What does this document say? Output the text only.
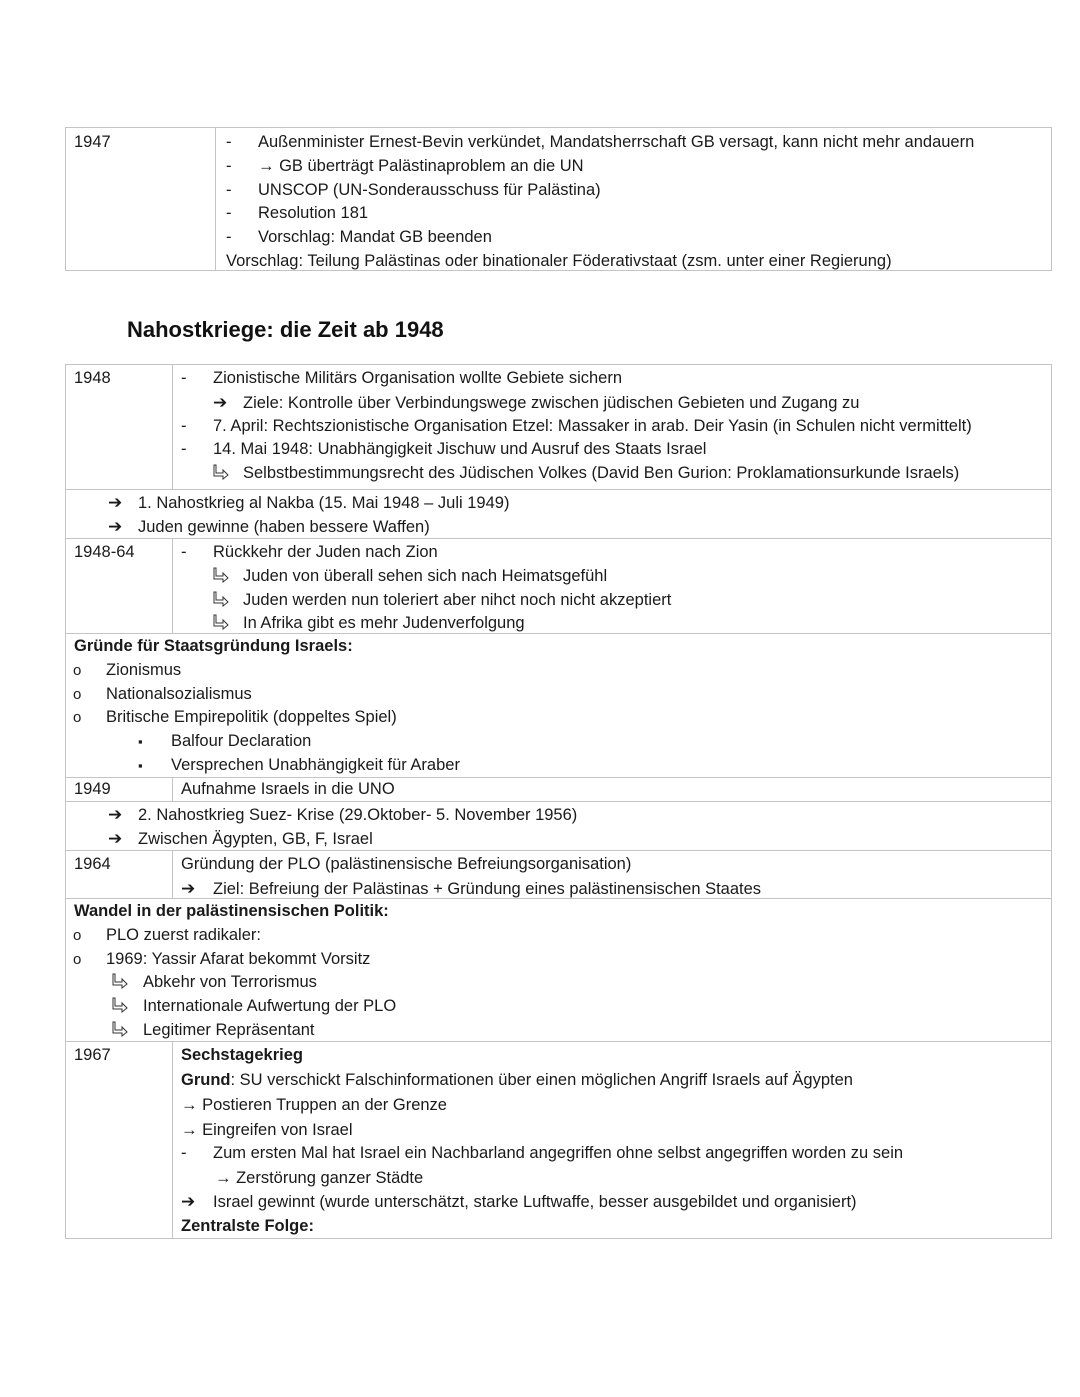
1947	- Außenminister Ernest-Bevin verkündet, Mandatsherrschaft GB versagt, kann nicht mehr andauern
- → GB überträgt Palästinaproblem an die UN
- UNSCOP (UN-Sonderausschuss für Palästina)
- Resolution 181
- Vorschlag: Mandat GB beenden
Vorschlag: Teilung Palästinas oder binationaler Föderativstaat (zsm. unter einer Regierung)
Nahostkriege: die Zeit ab 1948
1948	- Zionistische Militärs Organisation wollte Gebiete sichern
➔ Ziele: Kontrolle über Verbindungswege zwischen jüdischen Gebieten und Zugang zu
- 7. April: Rechtszionistische Organisation Etzel: Massaker in arab. Deir Yasin (in Schulen nicht vermittelt)
- 14. Mai 1948: Unabhängigkeit Jischuw und Ausruf des Staats Israel
Selbstbestimmungsrecht des Jüdischen Volkes (David Ben Gurion: Proklamationsurkunde Israels)
➔ 1. Nahostkrieg al Nakba (15. Mai 1948 – Juli 1949)
➔ Juden gewinne (haben bessere Waffen)
1948-64	- Rückkehr der Juden nach Zion
Juden von überall sehen sich nach Heimatsgefühl
Juden werden nun toleriert aber nihct noch nicht akzeptiert
In Afrika gibt es mehr Judenverfolgung
Gründe für Staatsgründung Israels:
o Zionismus
o Nationalsozialismus
o Britische Empirepolitik (doppeltes Spiel)
▪ Balfour Declaration
▪ Versprechen Unabhängigkeit für Araber
1949	Aufnahme Israels in die UNO
➔ 2. Nahostkrieg Suez- Krise (29.Oktober- 5. November 1956)
➔ Zwischen Ägypten, GB, F, Israel
1964	Gründung der PLO (palästinensische Befreiungsorganisation)
➔ Ziel: Befreiung der Palästinas + Gründung eines palästinensischen Staates
Wandel in der palästinensischen Politik:
o PLO zuerst radikaler:
o 1969: Yassir Afarat bekommt Vorsitz
Abkehr von Terrorismus
Internationale Aufwertung der PLO
Legitimer Repräsentant
1967	Sechstagekrieg
Grund: SU verschickt Falschinformationen über einen möglichen Angriff Israels auf Ägypten
→ Postieren Truppen an der Grenze
→ Eingreifen von Israel
- Zum ersten Mal hat Israel ein Nachbarland angegriffen ohne selbst angegriffen worden zu sein
→ Zerstörung ganzer Städte
➔ Israel gewinnt (wurde unterschätzt, starke Luftwaffe, besser ausgebildet und organisiert)
Zentralste Folge:
